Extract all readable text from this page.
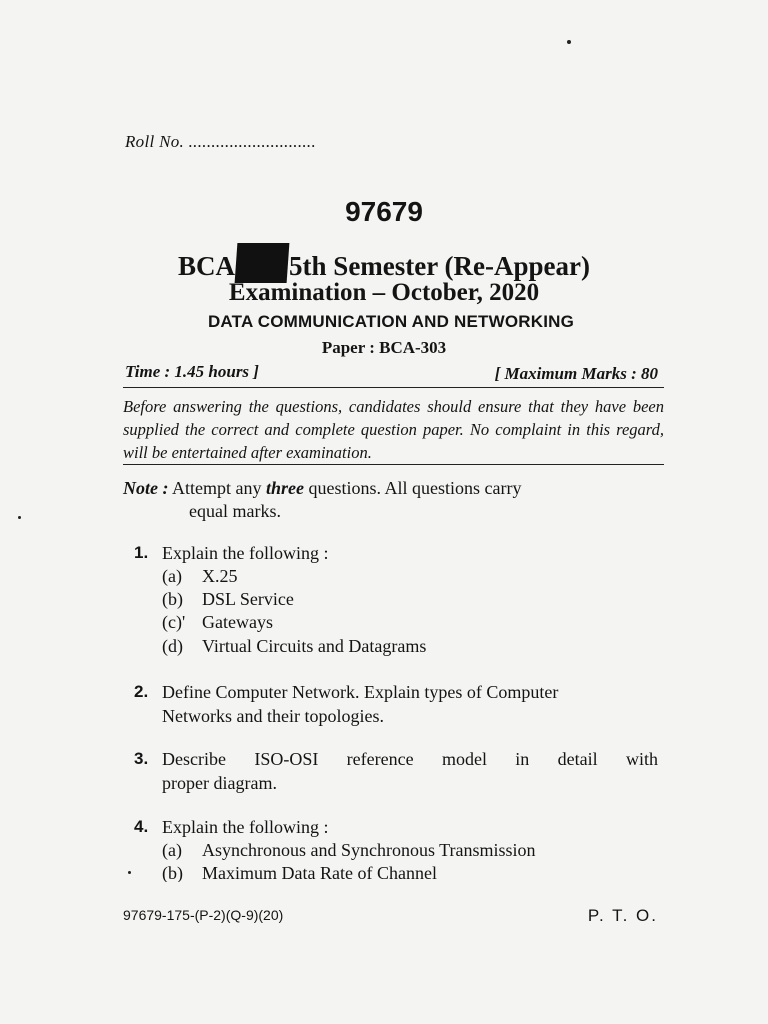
Roll No. ............................
97679
BCA 5th Semester (Re-Appear)
Examination – October, 2020
DATA COMMUNICATION AND NETWORKING
Paper : BCA-303
Time : 1.45 hours ]	[ Maximum Marks : 80
Before answering the questions, candidates should ensure that they have been supplied the correct and complete question paper. No complaint in this regard, will be entertained after examination.
Note : Attempt any three questions. All questions carry
equal marks.
1. Explain the following :
(a) X.25
(b) DSL Service
(c)' Gateways
(d) Virtual Circuits and Datagrams
2. Define Computer Network. Explain types of Computer
Networks and their topologies.
3. Describe ISO-OSI reference model in detail with
proper diagram.
4. Explain the following :
(a) Asynchronous and Synchronous Transmission
(b) Maximum Data Rate of Channel
97679-175-(P-2)(Q-9)(20)	P. T. O.
